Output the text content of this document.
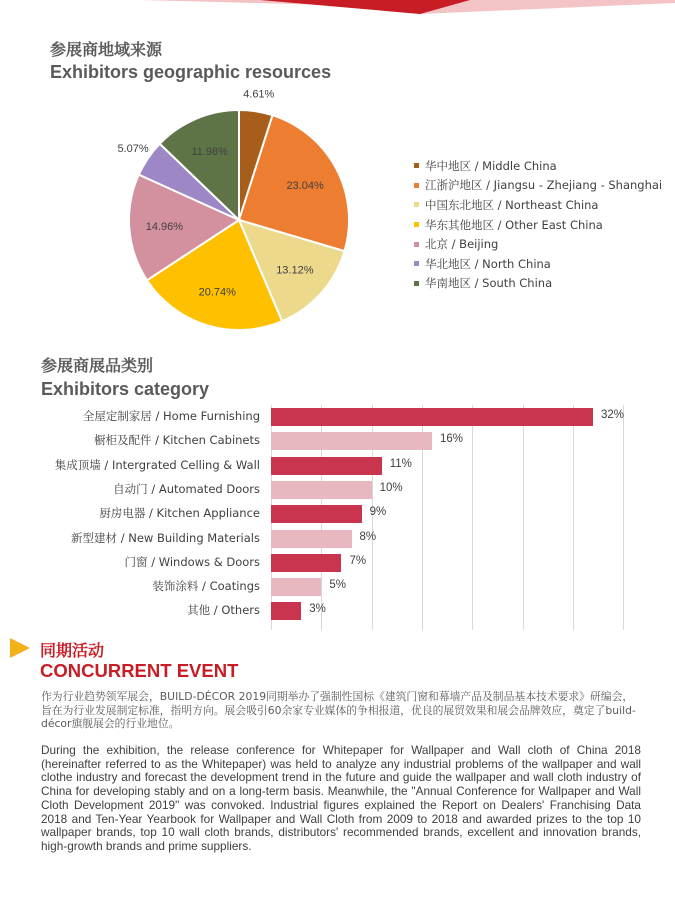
参展商地域来源
Exhibitors geographic resources
4.61%
23.04%
13.12%
20.74%
14.96%
5.07%	11.98%
华中地区 / Middle China
江浙沪地区 / Jiangsu - Zhejiang - Shanghai
中国东北地区 / Northeast China
华东其他地区 / Other East China
北京 / Beijing
华北地区 / North China
华南地区 / South China
参展商展品类别
Exhibitors category
全屋定制家居 / Home Furnishing	32%
橱柜及配件 / Kitchen Cabinets	16%
集成顶墙 / Intergrated Celling & Wall	11%
自动门 / Automated Doors	10%
厨房电器 / Kitchen Appliance	9%
新型建材 / New Building Materials	8%
门窗 / Windows & Doors	7%
装饰涂料 / Coatings	5%
其他 / Others	3%
同期活动
CONCURRENT EVENT
作为行业趋势领军展会，BUILD-DÉCOR 2019同期举办了强制性国标《建筑门窗和幕墙产品及制品基本技术要求》研编会，旨在为行业发展制定标准，指明方向。展会吸引60余家专业媒体的争相报道，优良的展贸效果和展会品牌效应，奠定了build-décor旗舰展会的行业地位。
During the exhibition, the release conference for Whitepaper for Wallpaper and Wall cloth of China 2018 (hereinafter referred to as the Whitepaper) was held to analyze any industrial problems of the wallpaper and wall clothe industry and forecast the development trend in the future and guide the wallpaper and wall cloth industry of China for developing stably and on a long-term basis. Meanwhile, the "Annual Conference for Wallpaper and Wall Cloth Development 2019" was convoked. Industrial figures explained the Report on Dealers' Franchising Data 2018 and Ten-Year Yearbook for Wallpaper and Wall Cloth from 2009 to 2018 and awarded prizes to the top 10 wallpaper brands, top 10 wall cloth brands, distributors' recommended brands, excellent and innovation brands, high-growth brands and prime suppliers.
